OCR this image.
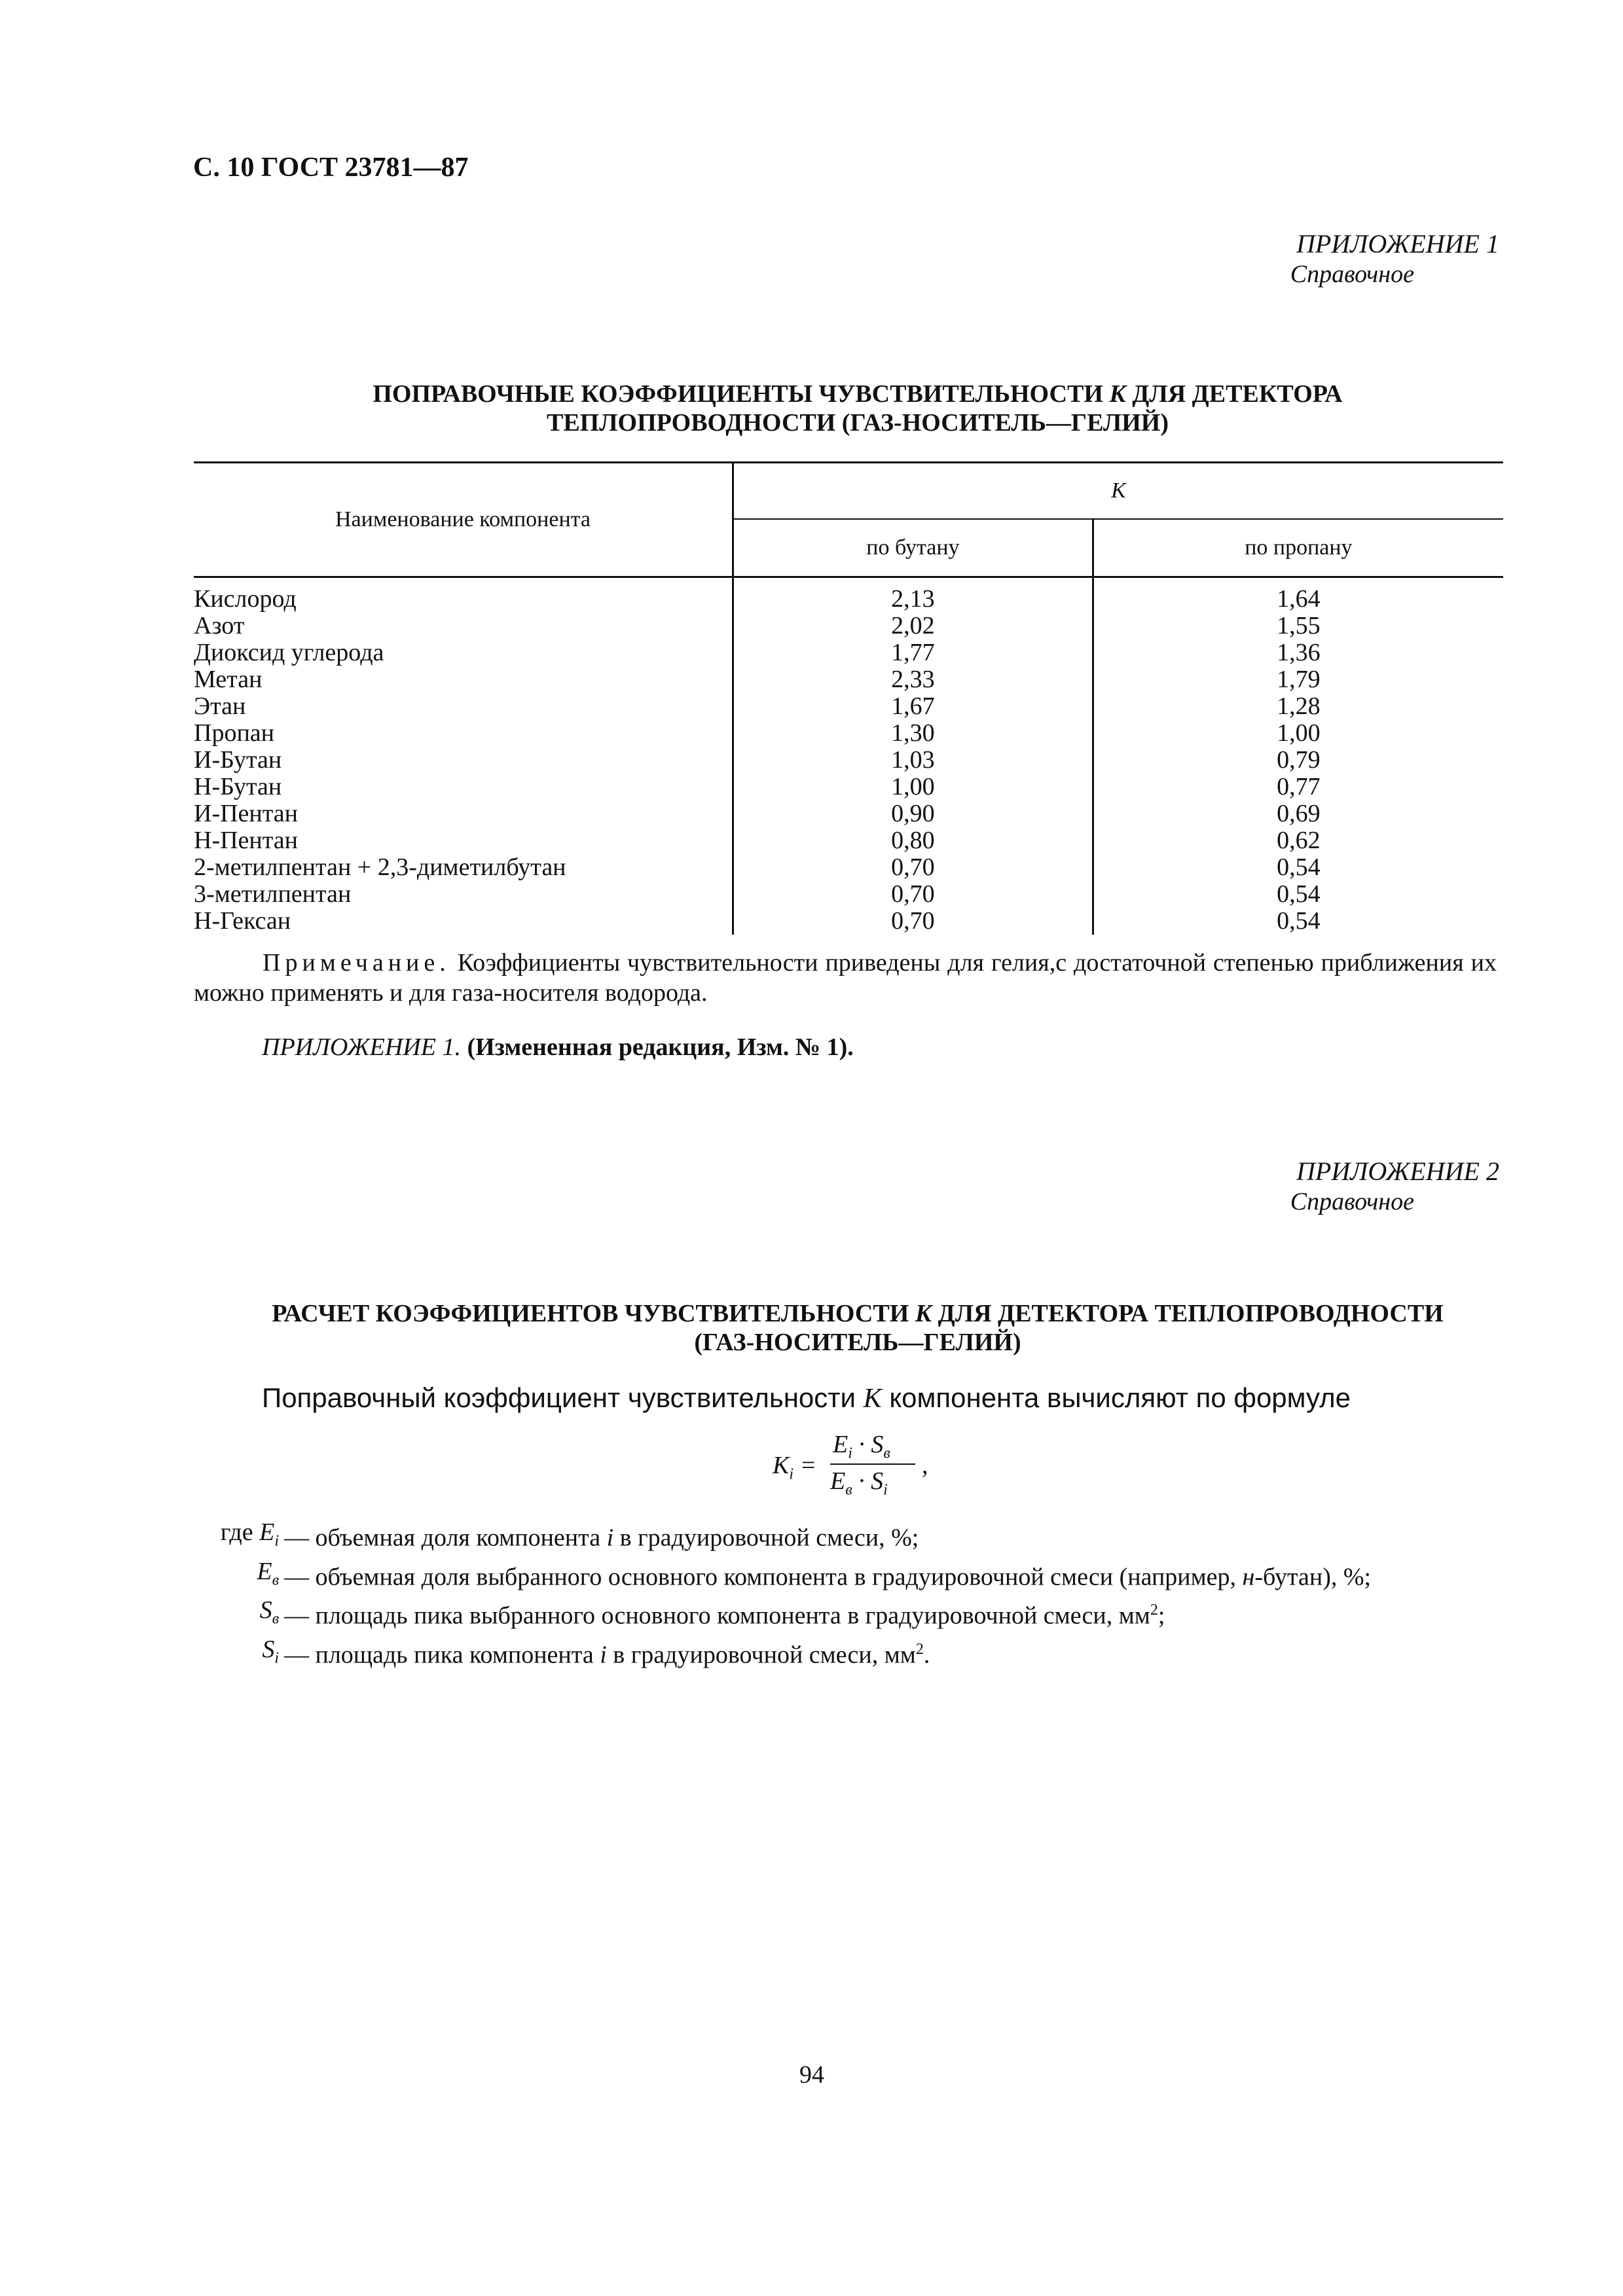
С. 10 ГОСТ 23781—87
ПРИЛОЖЕНИЕ 1
Справочное
ПОПРАВОЧНЫЕ КОЭФФИЦИЕНТЫ ЧУВСТВИТЕЛЬНОСТИ K ДЛЯ ДЕТЕКТОРА
ТЕПЛОПРОВОДНОСТИ (ГАЗ-НОСИТЕЛЬ—ГЕЛИЙ)
Наименование компонента	K	
	по бутану	по пропану
Кислород	2,13	1,64
Азот	2,02	1,55
Диоксид углерода	1,77	1,36
Метан	2,33	1,79
Этан	1,67	1,28
Пропан	1,30	1,00
И-Бутан	1,03	0,79
Н-Бутан	1,00	0,77
И-Пентан	0,90	0,69
Н-Пентан	0,80	0,62
2-метилпентан + 2,3-диметилбутан	0,70	0,54
3-метилпентан	0,70	0,54
Н-Гексан	0,70	0,54
Примечание. Коэффициенты чувствительности приведены для гелия,с достаточной степенью приближения их можно применять и для газа-носителя водорода.
ПРИЛОЖЕНИЕ 1. (Измененная редакция, Изм. № 1).
ПРИЛОЖЕНИЕ 2
Справочное
РАСЧЕТ КОЭФФИЦИЕНТОВ ЧУВСТВИТЕЛЬНОСТИ K ДЛЯ ДЕТЕКТОРА ТЕПЛОПРОВОДНОСТИ
(ГАЗ-НОСИТЕЛЬ—ГЕЛИЙ)
Поправочный коэффициент чувствительности K компонента вычисляют по формуле
$K_i$ =
$E_i \cdot S_в$
$E_в \cdot S_i$
,
где $E_i$ — объемная доля компонента i в градуировочной смеси, %;
$E_в$ — объемная доля выбранного основного компонента в градуировочной смеси (например, н-бутан), %;
$S_в$ — площадь пика выбранного основного компонента в градуировочной смеси, $мм^2$;
$S_i$ — площадь пика компонента i в градуировочной смеси, $мм^2$.
94
